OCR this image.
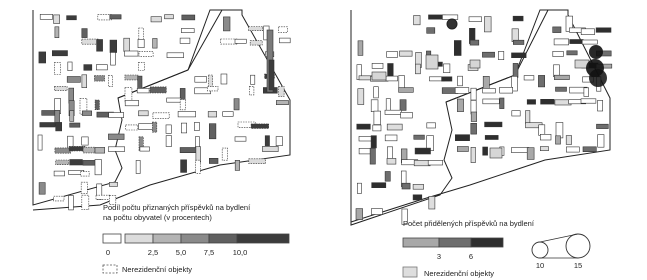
Podíl počtu přiznaných příspěvků na bydlení
na počtu obyvatel (v procentech)
0	2,5 5,0 7,5 10,0
Nerezidenční objekty
Počet přidělených příspěvků na bydlení
3	6
10	15
Nerezidenční objekty
